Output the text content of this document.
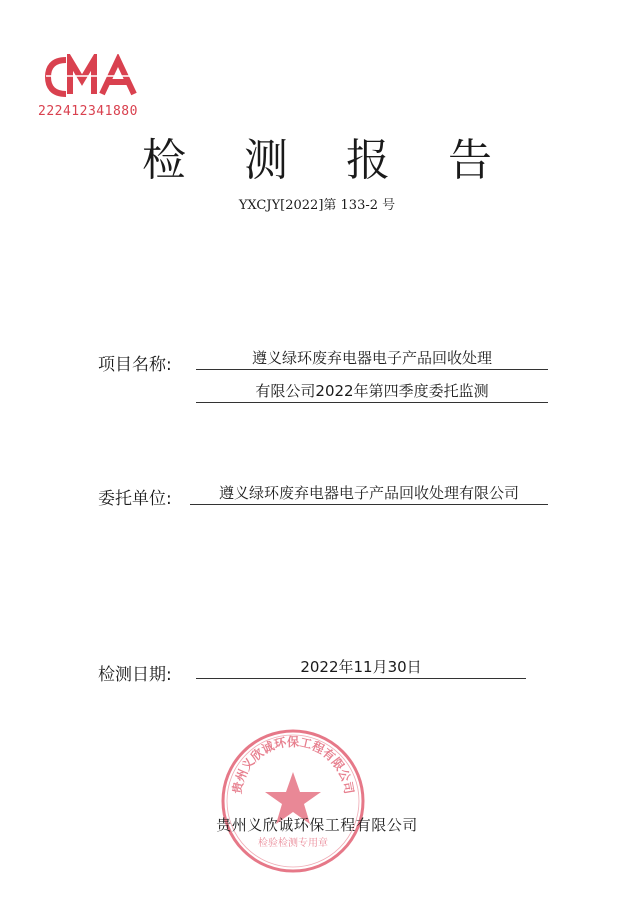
222412341880
检 测 报 告
YXCJY[2022]第 133-2 号
项目名称:	遵义绿环废弃电器电子产品回收处理
有限公司2022年第四季度委托监测
委托单位:	遵义绿环废弃电器电子产品回收处理有限公司
检测日期:	2022年11月30日
贵州义欣诚环保工程有限公司
检验检测专用章
贵州义欣诚环保工程有限公司
